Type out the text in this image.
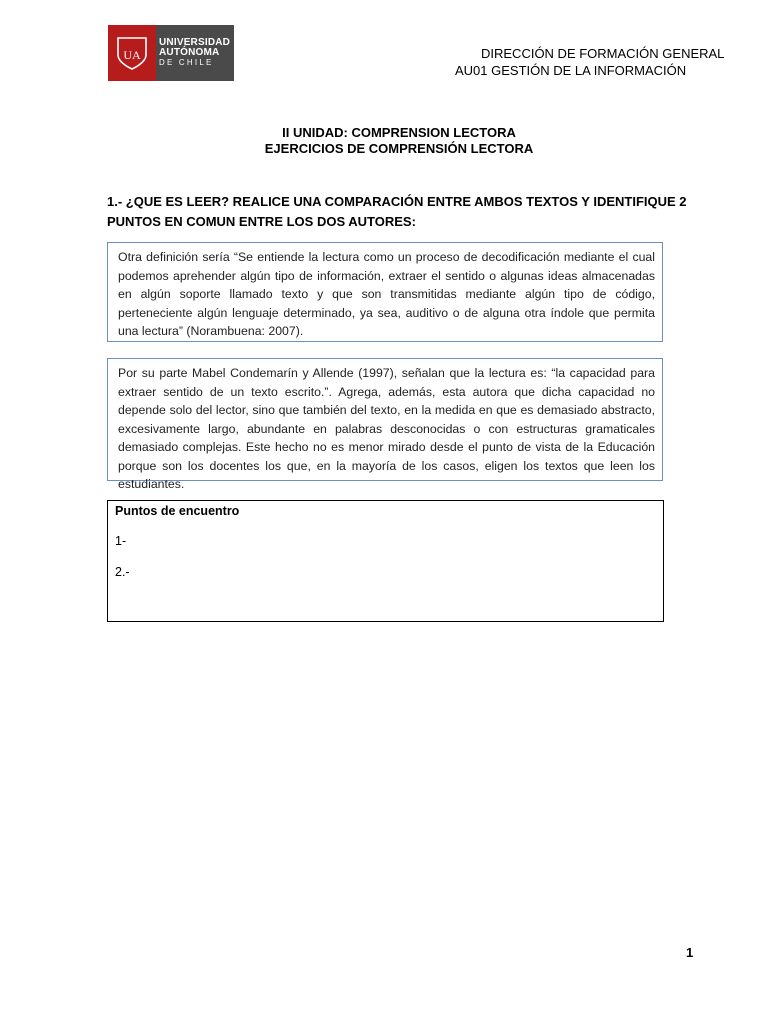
UA
UNIVERSIDAD
AUTÓNOMA
DE CHILE
DIRECCIÓN DE FORMACIÓN GENERAL
AU01 GESTIÓN DE LA INFORMACIÓN
II UNIDAD: COMPRENSION LECTORA
EJERCICIOS DE COMPRENSIÓN LECTORA
1.- ¿QUE ES LEER? REALICE UNA COMPARACIÓN ENTRE AMBOS TEXTOS Y IDENTIFIQUE 2 PUNTOS EN COMUN ENTRE LOS DOS AUTORES:
Otra definición sería “Se entiende la lectura como un proceso de decodificación mediante el cual podemos aprehender algún tipo de información, extraer el sentido o algunas ideas almacenadas en algún soporte llamado texto y que son transmitidas mediante algún tipo de código, perteneciente algún lenguaje determinado, ya sea, auditivo o de alguna otra índole que permita una lectura” (Norambuena: 2007).
Por su parte Mabel Condemarín y Allende (1997), señalan que la lectura es: “la capacidad para extraer sentido de un texto escrito.”. Agrega, además, esta autora que dicha capacidad no depende solo del lector, sino que también del texto, en la medida en que es demasiado abstracto, excesivamente largo, abundante en palabras desconocidas o con estructuras gramaticales demasiado complejas. Este hecho no es menor mirado desde el punto de vista de la Educación porque son los docentes los que, en la mayoría de los casos, eligen los textos que leen los estudiantes.
Puntos de encuentro
1-
2.-
1
